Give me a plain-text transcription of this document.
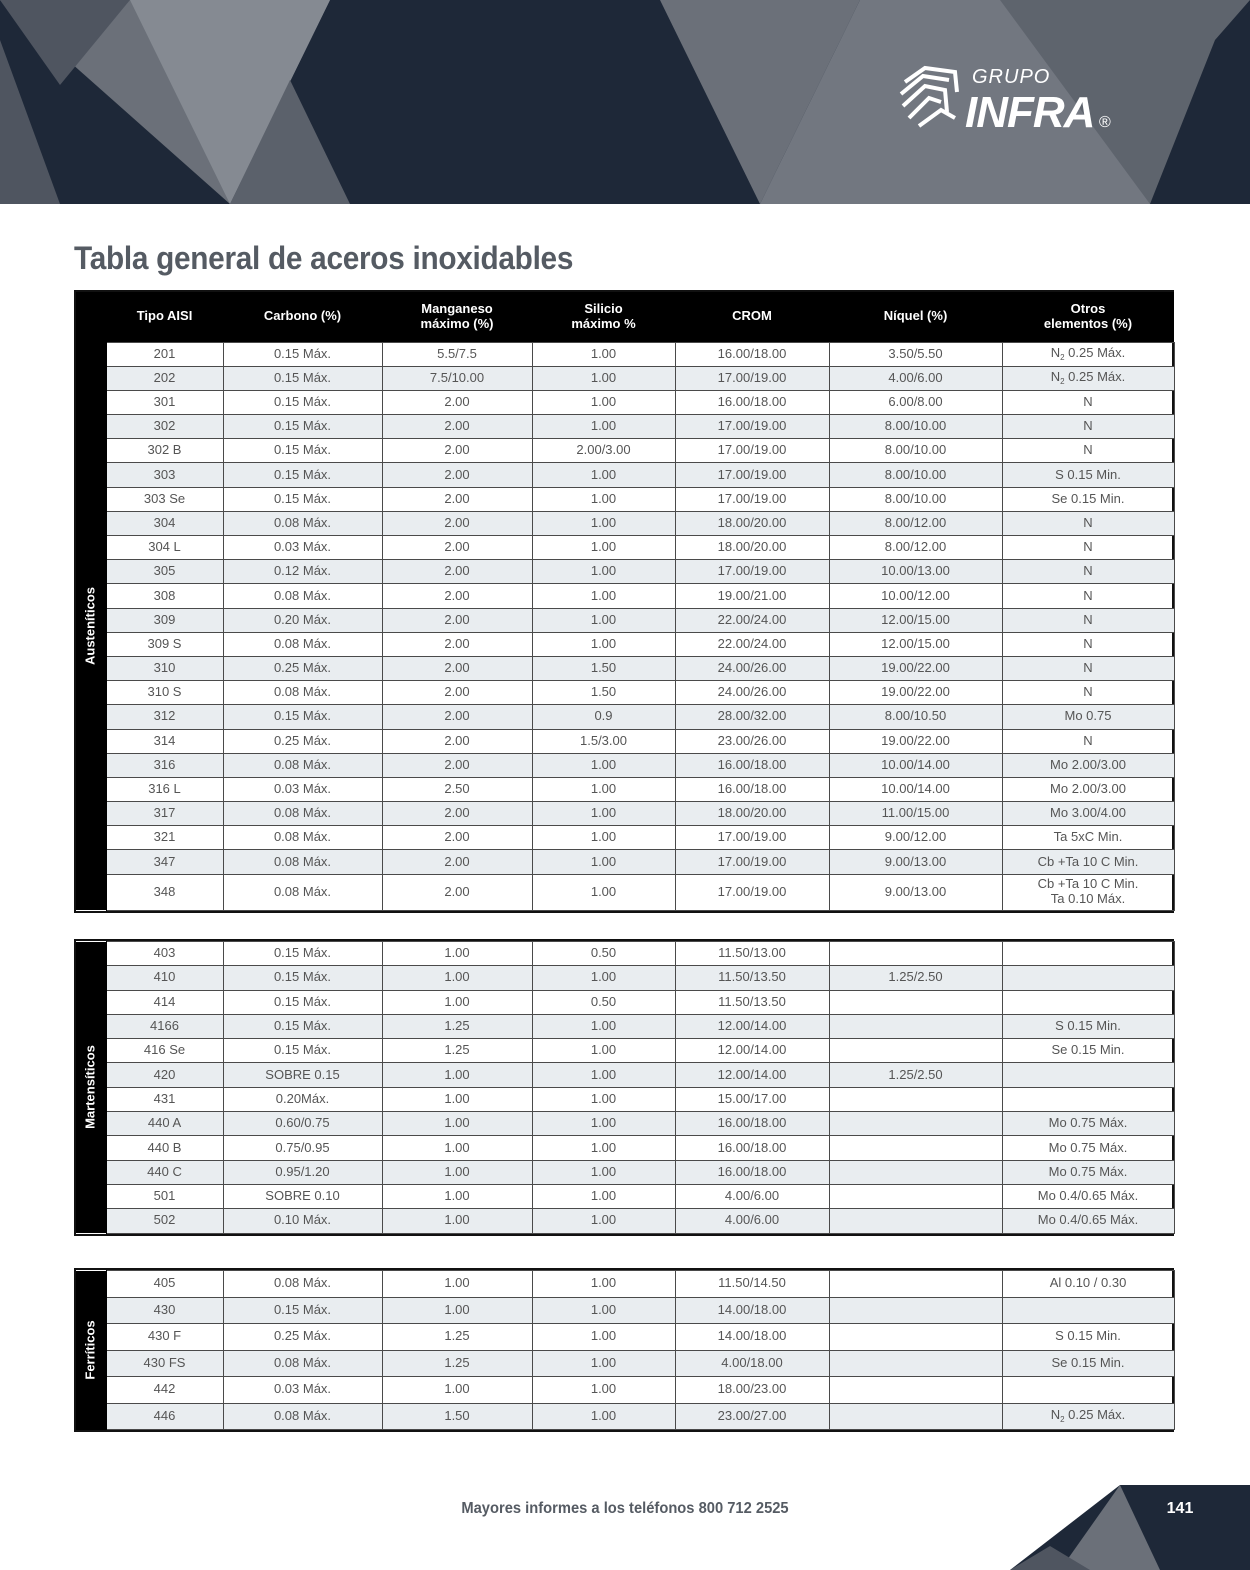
GRUPO
INFRA ®
Tabla general de aceros inoxidables
	Tipo AISI	Carbono (%)	Manganeso
máximo (%)	Silicio
máximo %	CROM	Níquel (%)	Otros
elementos (%)

Austeníticos	201	0.15 Máx.	5.5/7.5	1.00	16.00/18.00	3.50/5.50	$N_2$ 0.25 Máx.
	202	0.15 Máx.	7.5/10.00	1.00	17.00/19.00	4.00/6.00	$N_2$ 0.25 Máx.
	301	0.15 Máx.	2.00	1.00	16.00/18.00	6.00/8.00	N
	302	0.15 Máx.	2.00	1.00	17.00/19.00	8.00/10.00	N
	302 B	0.15 Máx.	2.00	2.00/3.00	17.00/19.00	8.00/10.00	N
	303	0.15 Máx.	2.00	1.00	17.00/19.00	8.00/10.00	S 0.15 Min.
	303 Se	0.15 Máx.	2.00	1.00	17.00/19.00	8.00/10.00	Se 0.15 Min.
	304	0.08 Máx.	2.00	1.00	18.00/20.00	8.00/12.00	N
	304 L	0.03 Máx.	2.00	1.00	18.00/20.00	8.00/12.00	N
	305	0.12 Máx.	2.00	1.00	17.00/19.00	10.00/13.00	N
	308	0.08 Máx.	2.00	1.00	19.00/21.00	10.00/12.00	N
	309	0.20 Máx.	2.00	1.00	22.00/24.00	12.00/15.00	N
	309 S	0.08 Máx.	2.00	1.00	22.00/24.00	12.00/15.00	N
	310	0.25 Máx.	2.00	1.50	24.00/26.00	19.00/22.00	N
	310 S	0.08 Máx.	2.00	1.50	24.00/26.00	19.00/22.00	N
	312	0.15 Máx.	2.00	0.9	28.00/32.00	8.00/10.50	Mo 0.75
	314	0.25 Máx.	2.00	1.5/3.00	23.00/26.00	19.00/22.00	N
	316	0.08 Máx.	2.00	1.00	16.00/18.00	10.00/14.00	Mo 2.00/3.00
	316 L	0.03 Máx.	2.50	1.00	16.00/18.00	10.00/14.00	Mo 2.00/3.00
	317	0.08 Máx.	2.00	1.00	18.00/20.00	11.00/15.00	Mo 3.00/4.00
	321	0.08 Máx.	2.00	1.00	17.00/19.00	9.00/12.00	Ta 5xC Min.
	347	0.08 Máx.	2.00	1.00	17.00/19.00	9.00/13.00	Cb +Ta 10 C Min.
	348	0.08 Máx.	2.00	1.00	17.00/19.00	9.00/13.00	Cb +Ta 10 C Min.
Ta 0.10 Máx.
Martensíticos	403	0.15 Máx.	1.00	0.50	11.50/13.00		
	410	0.15 Máx.	1.00	1.00	11.50/13.50	1.25/2.50	
	414	0.15 Máx.	1.00	0.50	11.50/13.50		
	4166	0.15 Máx.	1.25	1.00	12.00/14.00		S 0.15 Min.
	416 Se	0.15 Máx.	1.25	1.00	12.00/14.00		Se 0.15 Min.
	420	SOBRE 0.15	1.00	1.00	12.00/14.00	1.25/2.50	
	431	0.20Máx.	1.00	1.00	15.00/17.00		
	440 A	0.60/0.75	1.00	1.00	16.00/18.00		Mo 0.75 Máx.
	440 B	0.75/0.95	1.00	1.00	16.00/18.00		Mo 0.75 Máx.
	440 C	0.95/1.20	1.00	1.00	16.00/18.00		Mo 0.75 Máx.
	501	SOBRE 0.10	1.00	1.00	4.00/6.00		Mo 0.4/0.65 Máx.
	502	0.10 Máx.	1.00	1.00	4.00/6.00		Mo 0.4/0.65 Máx.
Ferríticos	405	0.08 Máx.	1.00	1.00	11.50/14.50		Al 0.10 / 0.30
	430	0.15 Máx.	1.00	1.00	14.00/18.00		
	430 F	0.25 Máx.	1.25	1.00	14.00/18.00		S 0.15 Min.
	430 FS	0.08 Máx.	1.25	1.00	4.00/18.00		Se 0.15 Min.
	442	0.03 Máx.	1.00	1.00	18.00/23.00		
	446	0.08 Máx.	1.50	1.00	23.00/27.00		$N_2$ 0.25 Máx.
Mayores informes a los teléfonos 800 712 2525	141
